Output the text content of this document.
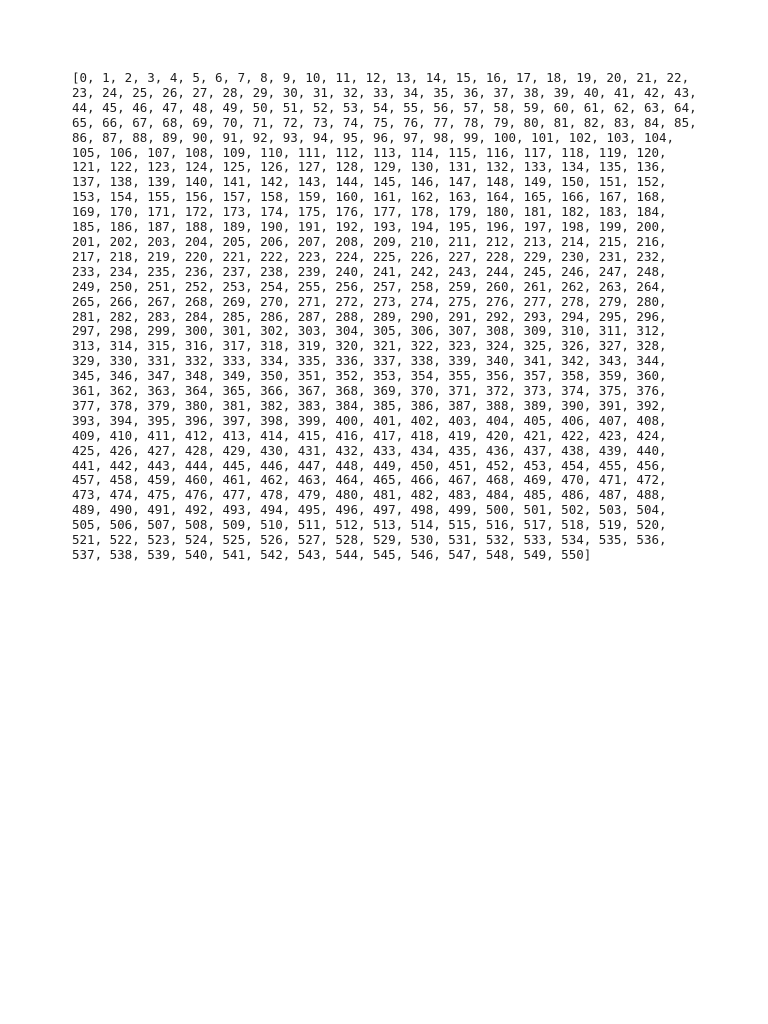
[0, 1, 2, 3, 4, 5, 6, 7, 8, 9, 10, 11, 12, 13, 14, 15, 16, 17, 18, 19, 20, 21, 22,
23, 24, 25, 26, 27, 28, 29, 30, 31, 32, 33, 34, 35, 36, 37, 38, 39, 40, 41, 42, 43,
44, 45, 46, 47, 48, 49, 50, 51, 52, 53, 54, 55, 56, 57, 58, 59, 60, 61, 62, 63, 64,
65, 66, 67, 68, 69, 70, 71, 72, 73, 74, 75, 76, 77, 78, 79, 80, 81, 82, 83, 84, 85,
86, 87, 88, 89, 90, 91, 92, 93, 94, 95, 96, 97, 98, 99, 100, 101, 102, 103, 104,
105, 106, 107, 108, 109, 110, 111, 112, 113, 114, 115, 116, 117, 118, 119, 120,
121, 122, 123, 124, 125, 126, 127, 128, 129, 130, 131, 132, 133, 134, 135, 136,
137, 138, 139, 140, 141, 142, 143, 144, 145, 146, 147, 148, 149, 150, 151, 152,
153, 154, 155, 156, 157, 158, 159, 160, 161, 162, 163, 164, 165, 166, 167, 168,
169, 170, 171, 172, 173, 174, 175, 176, 177, 178, 179, 180, 181, 182, 183, 184,
185, 186, 187, 188, 189, 190, 191, 192, 193, 194, 195, 196, 197, 198, 199, 200,
201, 202, 203, 204, 205, 206, 207, 208, 209, 210, 211, 212, 213, 214, 215, 216,
217, 218, 219, 220, 221, 222, 223, 224, 225, 226, 227, 228, 229, 230, 231, 232,
233, 234, 235, 236, 237, 238, 239, 240, 241, 242, 243, 244, 245, 246, 247, 248,
249, 250, 251, 252, 253, 254, 255, 256, 257, 258, 259, 260, 261, 262, 263, 264,
265, 266, 267, 268, 269, 270, 271, 272, 273, 274, 275, 276, 277, 278, 279, 280,
281, 282, 283, 284, 285, 286, 287, 288, 289, 290, 291, 292, 293, 294, 295, 296,
297, 298, 299, 300, 301, 302, 303, 304, 305, 306, 307, 308, 309, 310, 311, 312,
313, 314, 315, 316, 317, 318, 319, 320, 321, 322, 323, 324, 325, 326, 327, 328,
329, 330, 331, 332, 333, 334, 335, 336, 337, 338, 339, 340, 341, 342, 343, 344,
345, 346, 347, 348, 349, 350, 351, 352, 353, 354, 355, 356, 357, 358, 359, 360,
361, 362, 363, 364, 365, 366, 367, 368, 369, 370, 371, 372, 373, 374, 375, 376,
377, 378, 379, 380, 381, 382, 383, 384, 385, 386, 387, 388, 389, 390, 391, 392,
393, 394, 395, 396, 397, 398, 399, 400, 401, 402, 403, 404, 405, 406, 407, 408,
409, 410, 411, 412, 413, 414, 415, 416, 417, 418, 419, 420, 421, 422, 423, 424,
425, 426, 427, 428, 429, 430, 431, 432, 433, 434, 435, 436, 437, 438, 439, 440,
441, 442, 443, 444, 445, 446, 447, 448, 449, 450, 451, 452, 453, 454, 455, 456,
457, 458, 459, 460, 461, 462, 463, 464, 465, 466, 467, 468, 469, 470, 471, 472,
473, 474, 475, 476, 477, 478, 479, 480, 481, 482, 483, 484, 485, 486, 487, 488,
489, 490, 491, 492, 493, 494, 495, 496, 497, 498, 499, 500, 501, 502, 503, 504,
505, 506, 507, 508, 509, 510, 511, 512, 513, 514, 515, 516, 517, 518, 519, 520,
521, 522, 523, 524, 525, 526, 527, 528, 529, 530, 531, 532, 533, 534, 535, 536,
537, 538, 539, 540, 541, 542, 543, 544, 545, 546, 547, 548, 549, 550]
